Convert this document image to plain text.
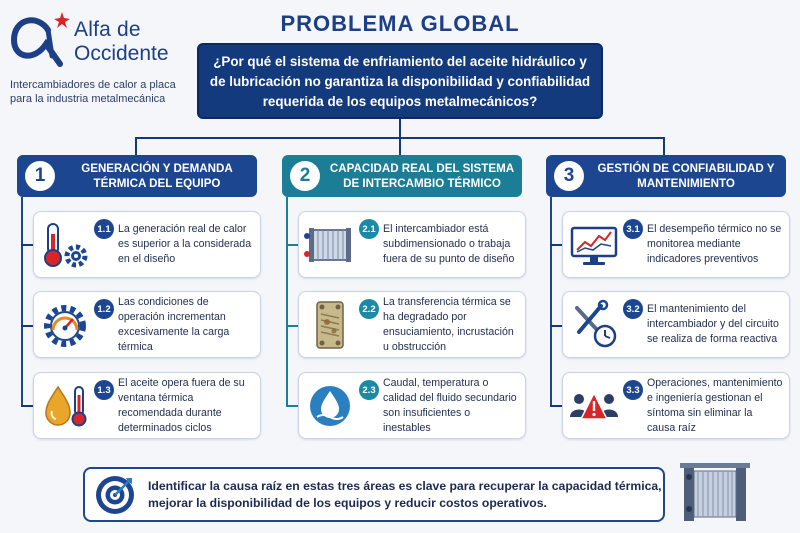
Alfa de
Occidente
Intercambiadores de calor a placa para la industria metalmecánica
PROBLEMA GLOBAL
¿Por qué el sistema de enfriamiento del aceite hidráulico y de lubricación no garantiza la disponibilidad y confiabilidad requerida de los equipos metalmecánicos?
1	GENERACIÓN Y DEMANDA TÉRMICA DEL EQUIPO	2	CAPACIDAD REAL DEL SISTEMA DE INTERCAMBIO TÉRMICO	3	GESTIÓN DE CONFIABILIDAD Y MANTENIMIENTO
1.1 La generación real de calor es superior a la considerada en el diseño
1.2
Las condiciones de operación incrementan excesivamente la carga térmica
1.3
El aceite opera fuera de su ventana térmica recomendada durante determinados ciclos
2.1 El intercambiador está subdimensionado o trabaja fuera de su punto de diseño
2.2
La transferencia térmica se ha degradado por ensuciamiento, incrustación u obstrucción
2.3
Caudal, temperatura o calidad del fluido secundario son insuficientes o inestables
3.1 El desempeño térmico no se monitorea mediante indicadores preventivos
3.2 El mantenimiento del intercambiador y del circuito se realiza de forma reactiva
3.3
Operaciones, mantenimiento e ingeniería gestionan el síntoma sin eliminar la causa raíz
Identificar la causa raíz en estas tres áreas es clave para recuperar la capacidad térmica, mejorar la disponibilidad de los equipos y reducir costos operativos.
